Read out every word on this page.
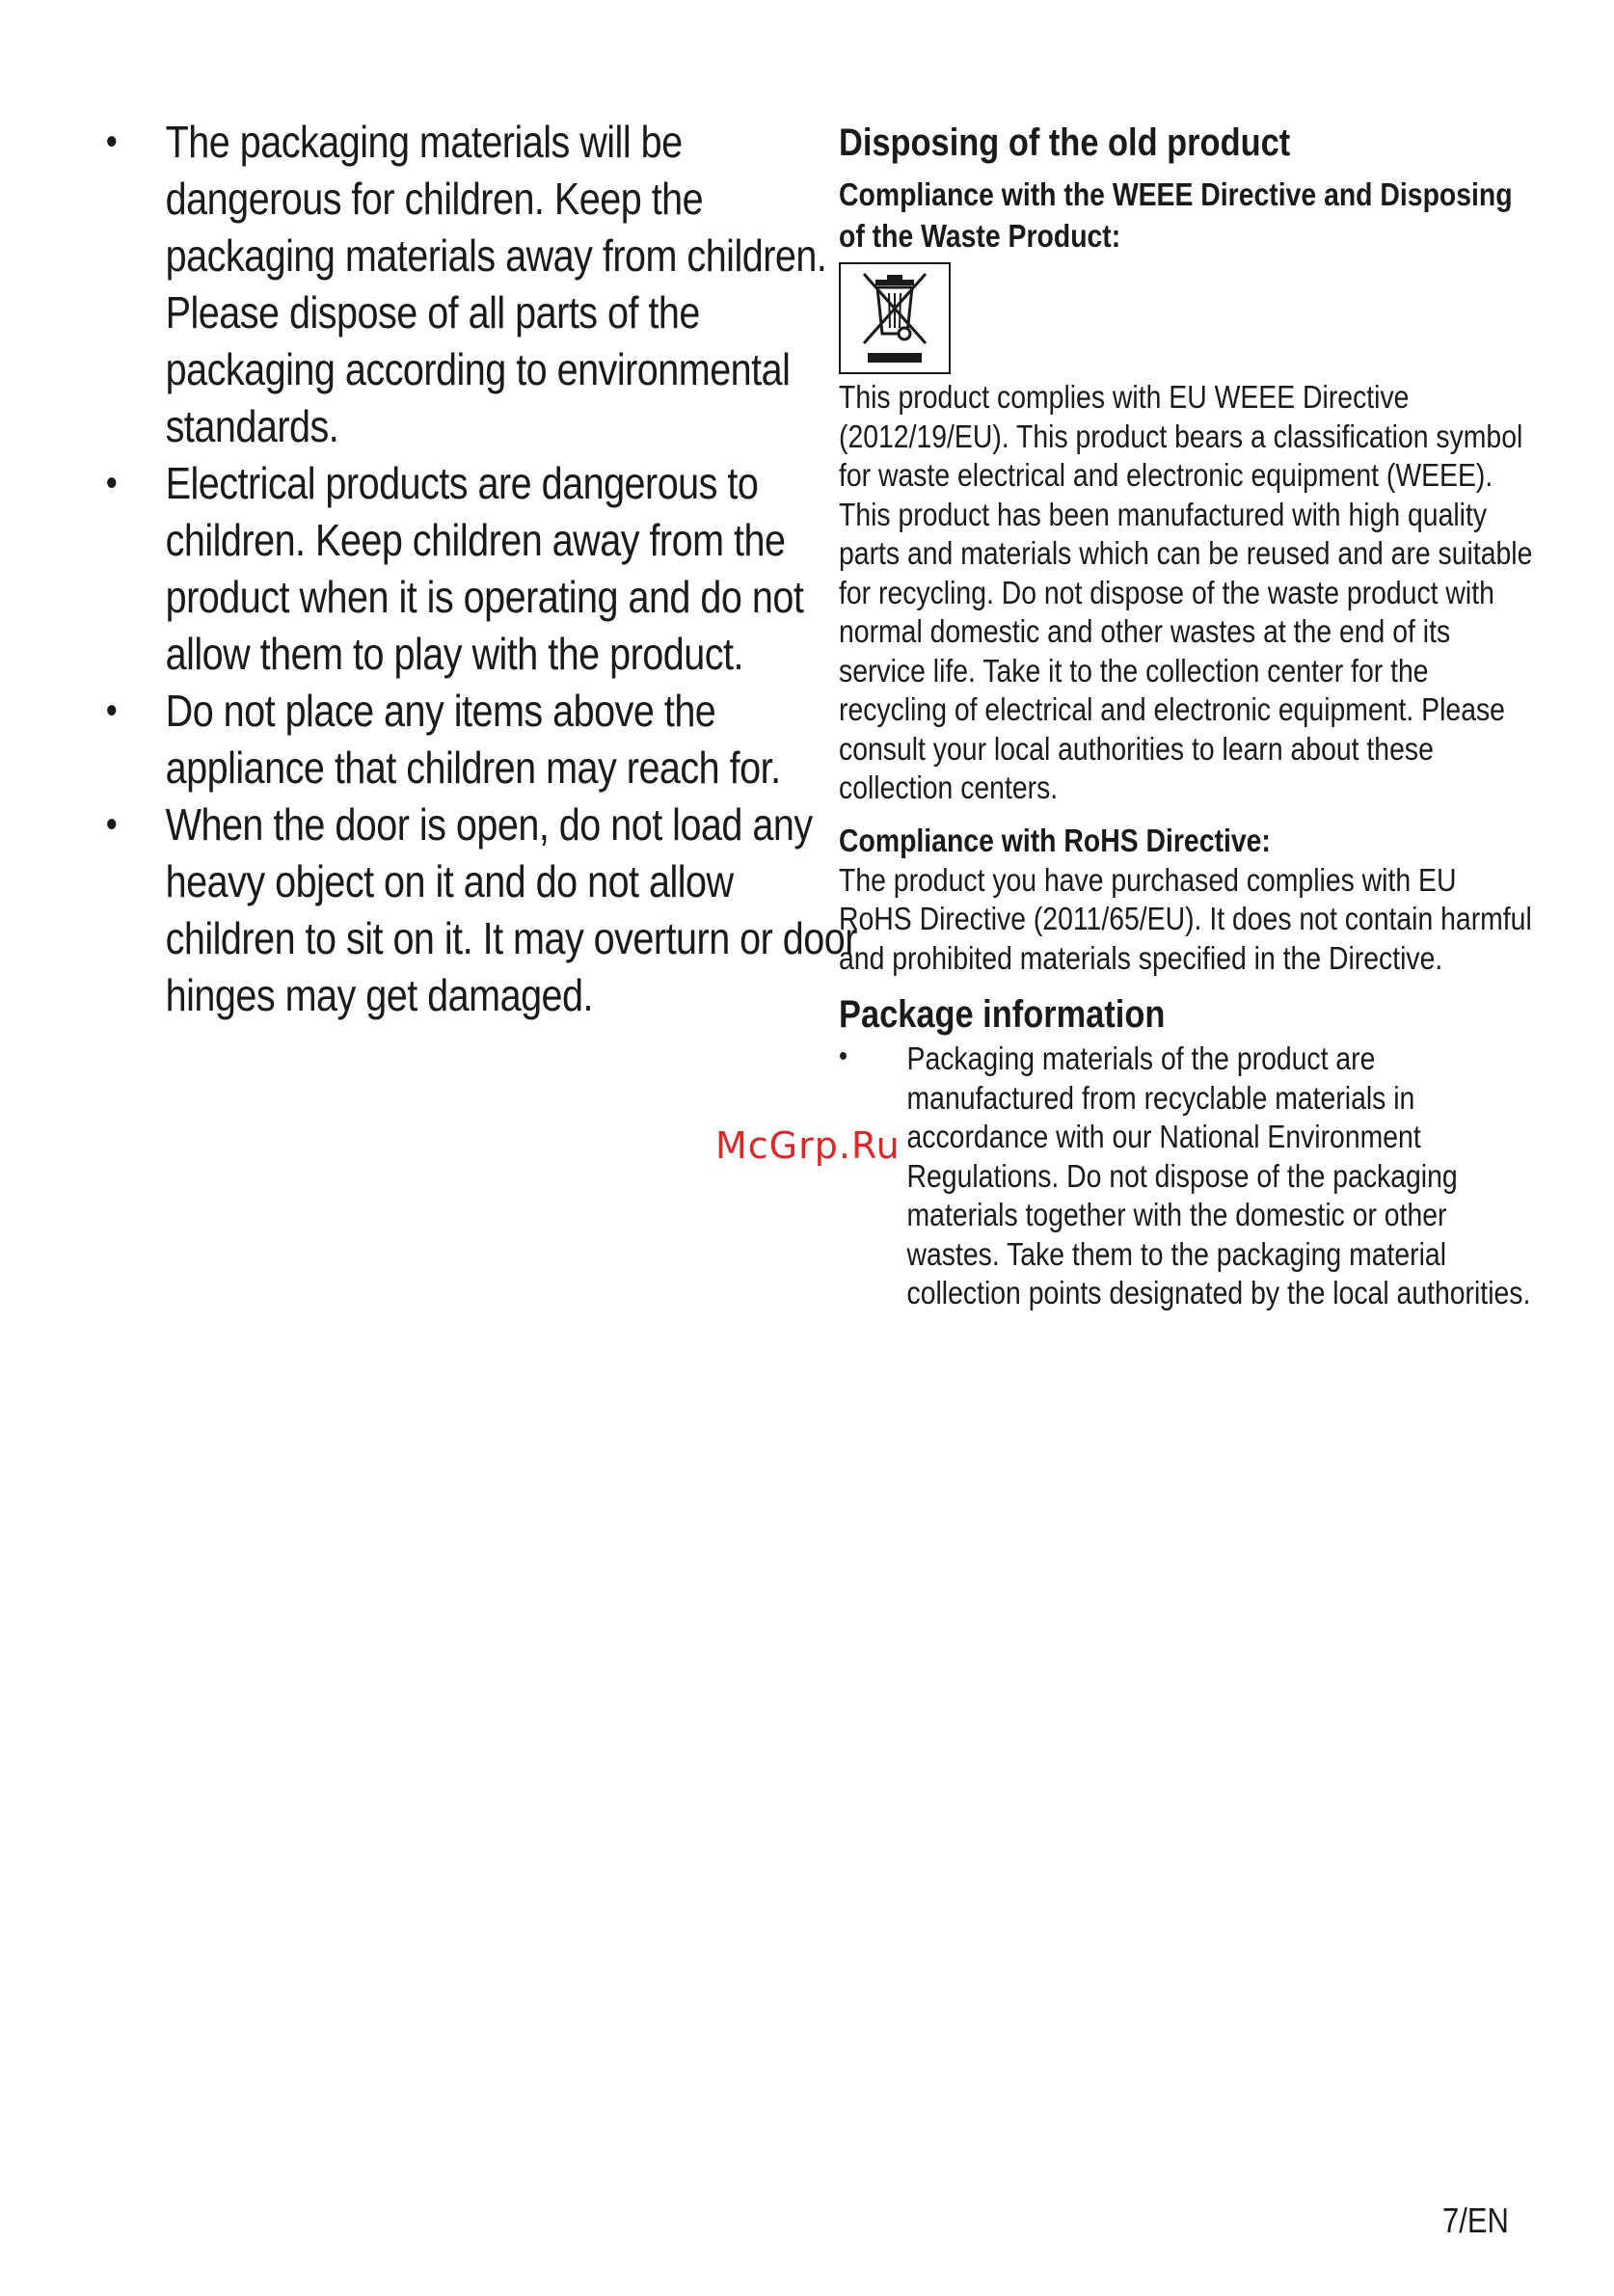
• The packaging materials will be dangerous for children. Keep the packaging materials away from children. Please dispose of all parts of the packaging according to environmental standards.
• Electrical products are dangerous to children. Keep children away from the product when it is operating and do not allow them to play with the product.
• Do not place any items above the appliance that children may reach for.
• When the door is open, do not load any heavy object on it and do not allow children to sit on it. It may overturn or door hinges may get damaged.
Disposing of the old product
Compliance with the WEEE Directive and Disposing of the Waste Product:

This product complies with EU WEEE Directive (2012/19/EU). This product bears a classification symbol for waste electrical and electronic equipment (WEEE).

This product has been manufactured with high quality parts and materials which can be reused and are suitable for recycling. Do not dispose of the waste product with normal domestic and other wastes at the end of its service life. Take it to the collection center for the recycling of electrical and electronic equipment. Please consult your local authorities to learn about these collection centers.

Compliance with RoHS Directive:

The product you have purchased complies with EU RoHS Directive (2011/65/EU). It does not contain harmful and prohibited materials specified in the Directive.

Package information
• Packaging materials of the product are manufactured from recyclable materials in accordance with our National Environment Regulations. Do not dispose of the packaging materials together with the domestic or other wastes. Take them to the packaging material collection points designated by the local authorities.
McGrp.Ru
7/EN
